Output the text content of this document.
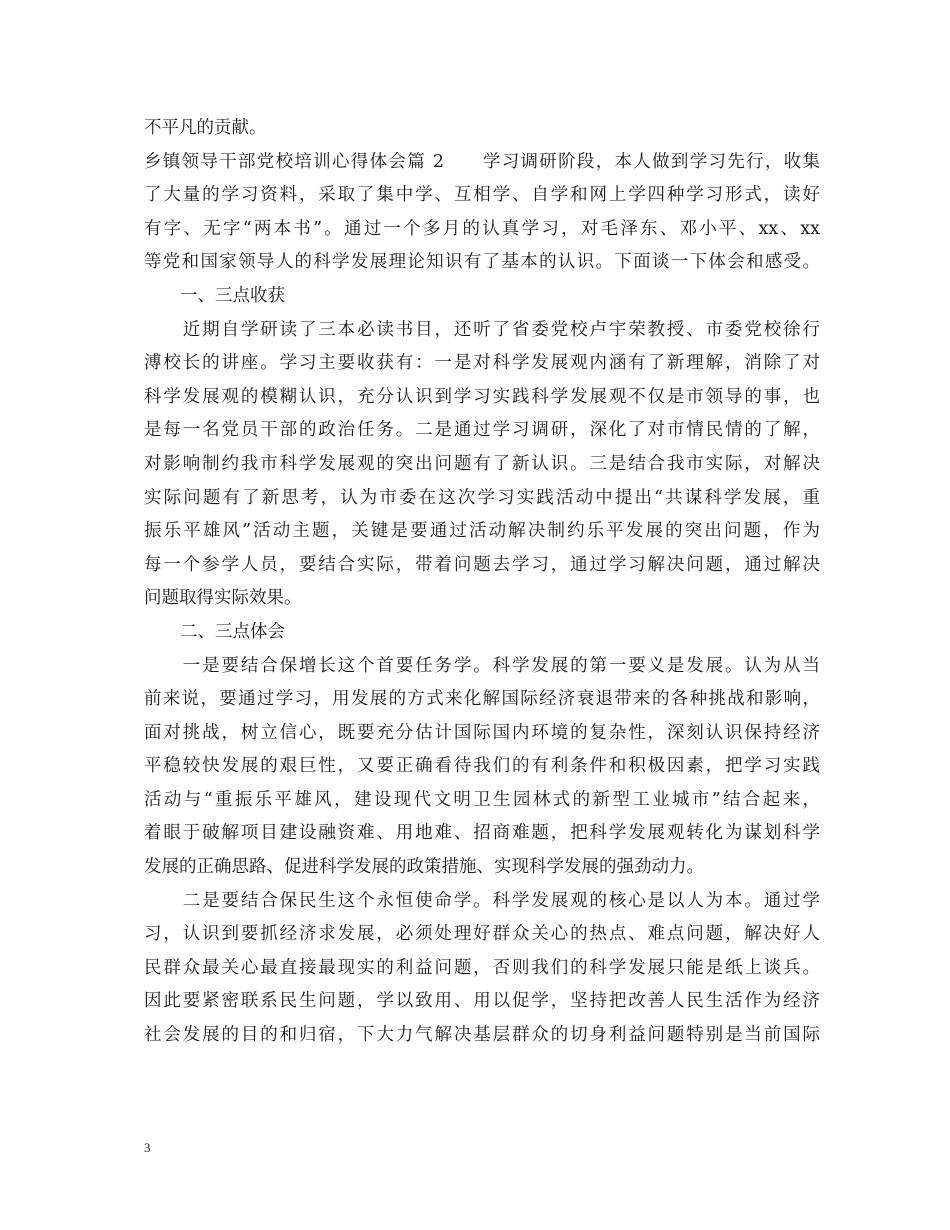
不平凡的贡献。
乡镇领导干部党校培训心得体会篇 2　　学习调研阶段，本人做到学习先行，收集
了大量的学习资料，采取了集中学、互相学、自学和网上学四种学习形式，读好
有字、无字“两本书”。通过一个多月的认真学习，对毛泽东、邓小平、xx、xx
等党和国家领导人的科学发展理论知识有了基本的认识。下面谈一下体会和感受。
一、三点收获
　　近期自学研读了三本必读书目，还听了省委党校卢宇荣教授、市委党校徐行
溥校长的讲座。学习主要收获有：一是对科学发展观内涵有了新理解，消除了对
科学发展观的模糊认识，充分认识到学习实践科学发展观不仅是市领导的事，也
是每一名党员干部的政治任务。二是通过学习调研，深化了对市情民情的了解，
对影响制约我市科学发展观的突出问题有了新认识。三是结合我市实际，对解决
实际问题有了新思考，认为市委在这次学习实践活动中提出“共谋科学发展，重
振乐平雄风”活动主题，关键是要通过活动解决制约乐平发展的突出问题，作为
每一个参学人员，要结合实际，带着问题去学习，通过学习解决问题，通过解决
问题取得实际效果。
二、三点体会
　　一是要结合保增长这个首要任务学。科学发展的第一要义是发展。认为从当
前来说，要通过学习，用发展的方式来化解国际经济衰退带来的各种挑战和影响，
面对挑战，树立信心，既要充分估计国际国内环境的复杂性，深刻认识保持经济
平稳较快发展的艰巨性，又要正确看待我们的有利条件和积极因素，把学习实践
活动与“重振乐平雄风，建设现代文明卫生园林式的新型工业城市”结合起来，
着眼于破解项目建设融资难、用地难、招商难题，把科学发展观转化为谋划科学
发展的正确思路、促进科学发展的政策措施、实现科学发展的强劲动力。
　　二是要结合保民生这个永恒使命学。科学发展观的核心是以人为本。通过学
习，认识到要抓经济求发展，必须处理好群众关心的热点、难点问题，解决好人
民群众最关心最直接最现实的利益问题，否则我们的科学发展只能是纸上谈兵。
因此要紧密联系民生问题，学以致用、用以促学，坚持把改善人民生活作为经济
社会发展的目的和归宿，下大力气解决基层群众的切身利益问题特别是当前国际
3
